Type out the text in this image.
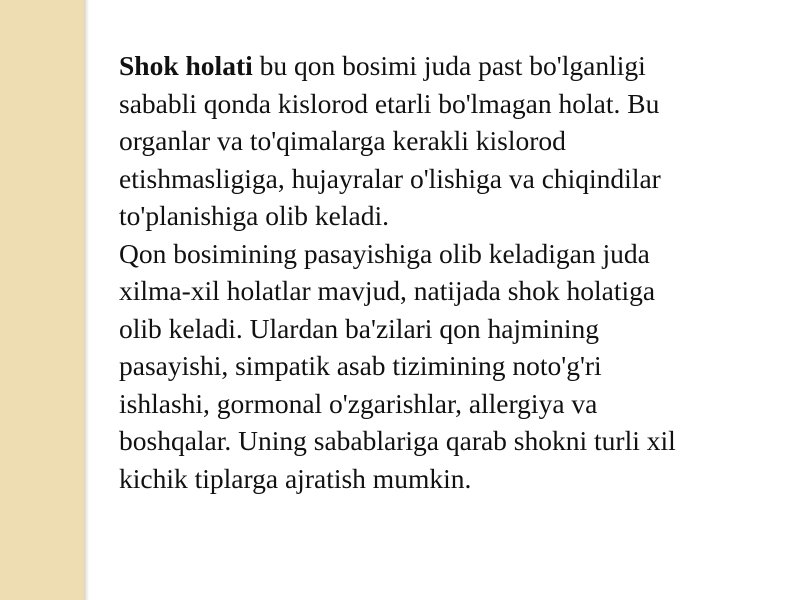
Shok holati bu qon bosimi juda past bo'lganligi

sababli qonda kislorod etarli bo'lmagan holat. Bu

organlar va to'qimalarga kerakli kislorod

etishmasligiga, hujayralar o'lishiga va chiqindilar

to'planishiga olib keladi.

Qon bosimining pasayishiga olib keladigan juda

xilma-xil holatlar mavjud, natijada shok holatiga

olib keladi. Ulardan ba'zilari qon hajmining

pasayishi, simpatik asab tizimining noto'g'ri

ishlashi, gormonal o'zgarishlar, allergiya va

boshqalar. Uning sabablariga qarab shokni turli xil

kichik tiplarga ajratish mumkin.
